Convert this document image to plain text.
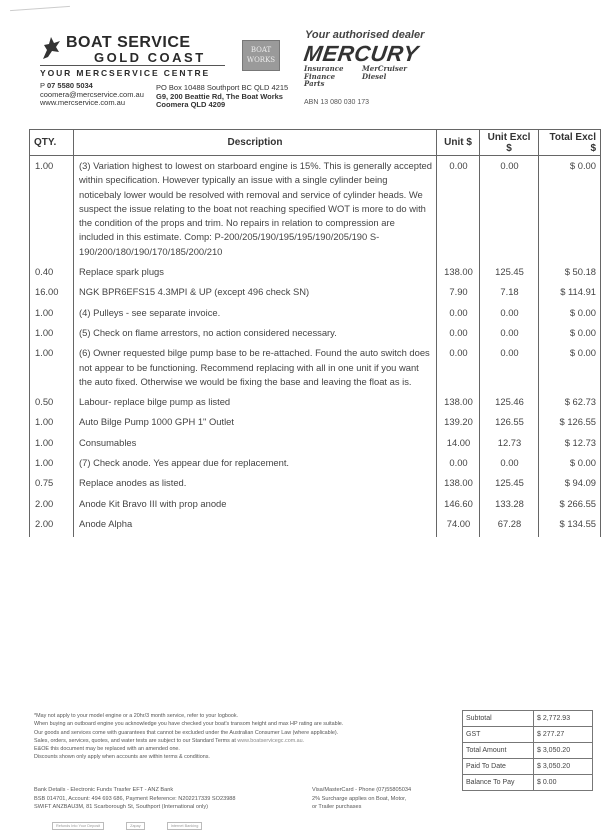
BOAT SERVICE
GOLD COAST
YOUR MERCSERVICE CENTRE
BOAT WORKS
P 07 5580 5034
coomera@mercservice.com.au
www.mercservice.com.au
PO Box 10488 Southport BC QLD 4215
G9, 200 Beattie Rd, The Boat Works
Coomera QLD 4209
Your authorised dealer
MERCURY
Insurance
Finance
Parts
MerCruiser
Diesel
ABN 13 080 030 173
QTY.	Description	Unit $	Unit Excl $	Total Excl $
1.00	(3) Variation highest to lowest on starboard engine is 15%. This is generally accepted within specification. However typically an issue with a single cylinder being noticebaly lower would be resolved with removal and service of cylinder heads. We suspect the issue relating to the boat not reaching specified WOT is more to do with the condition of the props and trim. No repairs in relation to compression are included in this estimate. Comp: P-200/205/190/195/195/190/205/190 S-190/200/180/190/170/185/200/210	0.00	0.00	$ 0.00
0.40	Replace spark plugs	138.00	125.45	$ 50.18
16.00	NGK BPR6EFS15 4.3MPI & UP (except 496 check SN)	7.90	7.18	$ 114.91
1.00	(4) Pulleys - see separate invoice.	0.00	0.00	$ 0.00
1.00	(5) Check on flame arrestors, no action considered necessary.	0.00	0.00	$ 0.00
1.00	(6) Owner requested bilge pump base to be re-attached. Found the auto switch does not appear to be functioning. Recommend replacing with all in one unit if you want the auto fixed. Otherwise we would be fixing the base and leaving the float as is.	0.00	0.00	$ 0.00
0.50	Labour- replace bilge pump as listed	138.00	125.46	$ 62.73
1.00	Auto Bilge Pump 1000 GPH 1" Outlet	139.20	126.55	$ 126.55
1.00	Consumables	14.00	12.73	$ 12.73
1.00	(7) Check anode. Yes appear due for replacement.	0.00	0.00	$ 0.00
0.75	Replace anodes as listed.	138.00	125.45	$ 94.09
2.00	Anode Kit Bravo III with prop anode	146.60	133.28	$ 266.55
2.00	Anode Alpha	74.00	67.28	$ 134.55
*May not apply to your model engine or a 20hr/3 month service, refer to your logbook.
When buying an outboard engine you acknowledge you have checked your boat's transom height and max HP rating are suitable.
Our goods and services come with guarantees that cannot be excluded under the Australian Consumer Law (where applicable).
Sales, orders, services, quotes, and water tests are subject to our Standard Terms at www.boatservicegc.com.au.
E&OE this document may be replaced with an amended one.
Discounts shown only apply when accounts are within terms & conditions.
Subtotal	$ 2,772.93
GST	$ 277.27
Total Amount	$ 3,050.20
Paid To Date	$ 3,050.20
Balance To Pay	$ 0.00
Bank Details - Electronic Funds Trasfer EFT - ANZ Bank
BSB 014701, Account: 494 693 686, Payment Reference: N202217339 SO23988
SWIFT ANZBAU3M, 81 Scarborough St, Southport (International only)
Visa/MasterCard - Phone (07)55805034
2% Surcharge applies on Boat, Motor,
or Trailer purchases
Refunds Into Your Deposit	Zapay	Internet Banking
